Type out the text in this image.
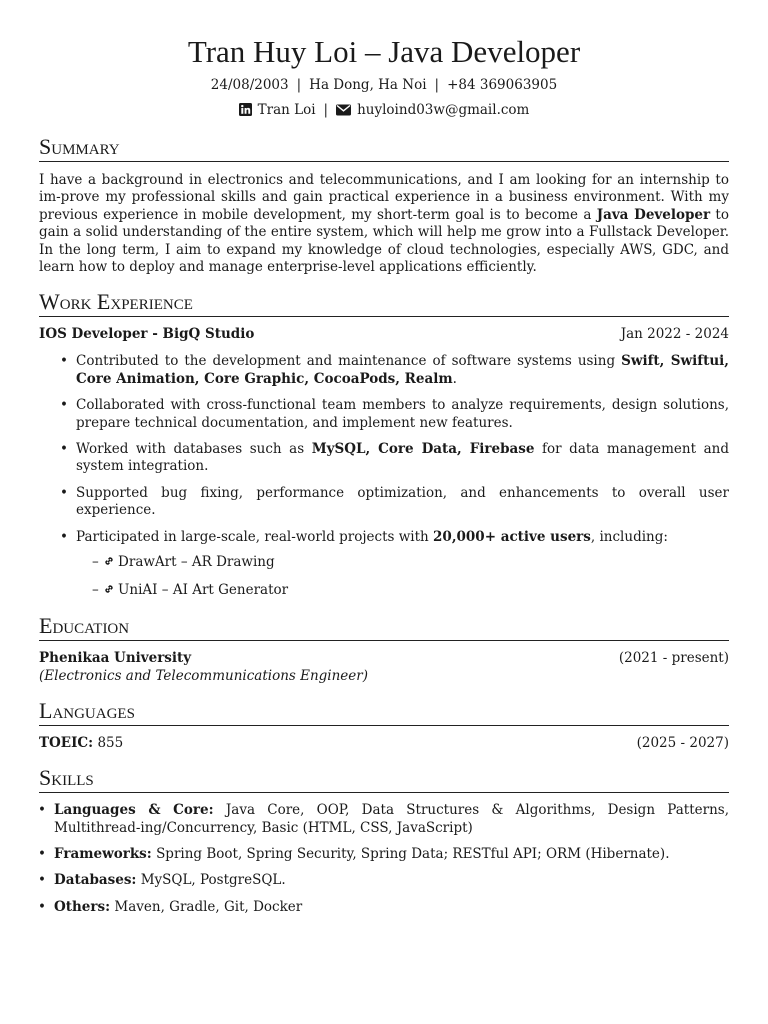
Tran Huy Loi – Java Developer
24/08/2003 | Ha Dong, Ha Noi | +84 369063905
Tran Loi | huyloind03w@gmail.com
Summary
I have a background in electronics and telecommunications, and I am looking for an internship to im-prove my professional skills and gain practical experience in a business environment. With my previous experience in mobile development, my short-term goal is to become a Java Developer to gain a solid understanding of the entire system, which will help me grow into a Fullstack Developer. In the long term, I aim to expand my knowledge of cloud technologies, especially AWS, GDC, and learn how to deploy and manage enterprise-level applications efficiently.
Work Experience
IOS Developer - BigQ Studio	Jan 2022 - 2024
• Contributed to the development and maintenance of software systems using Swift, Swiftui, Core Animation, Core Graphic, CocoaPods, Realm.
• Collaborated with cross-functional team members to analyze requirements, design solutions, prepare technical documentation, and implement new features.
• Worked with databases such as MySQL, Core Data, Firebase for data management and system integration.
• Supported bug fixing, performance optimization, and enhancements to overall user experience.
• Participated in large-scale, real-world projects with 20,000+ active users, including:
– DrawArt – AR Drawing
– UniAI – AI Art Generator
Education
Phenikaa University	(2021 - present)
(Electronics and Telecommunications Engineer)
Languages
TOEIC: 855	(2025 - 2027)
Skills
• Languages & Core: Java Core, OOP, Data Structures & Algorithms, Design Patterns, Multithread-ing/Concurrency, Basic (HTML, CSS, JavaScript)
• Frameworks: Spring Boot, Spring Security, Spring Data; RESTful API; ORM (Hibernate).
• Databases: MySQL, PostgreSQL.
• Others: Maven, Gradle, Git, Docker
